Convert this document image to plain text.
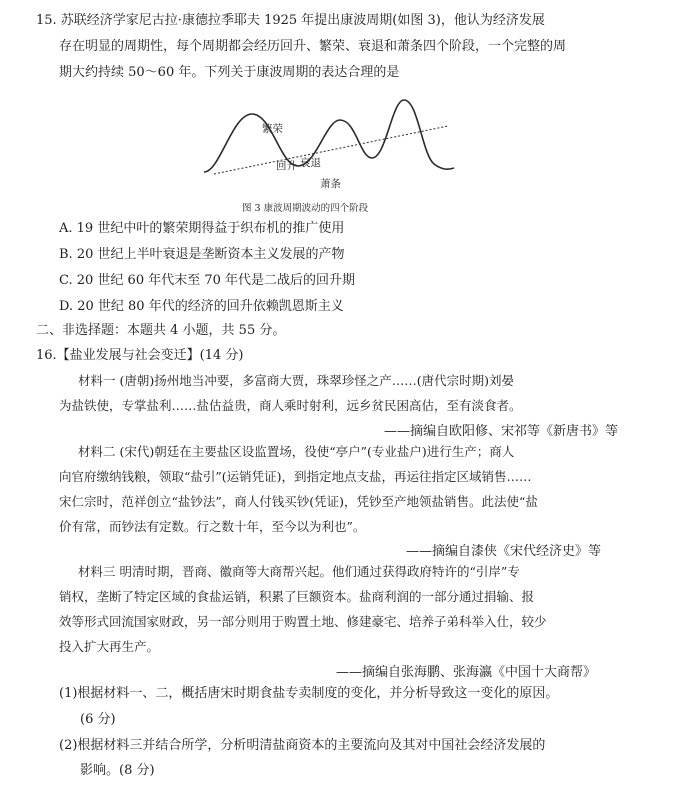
15. 苏联经济学家尼古拉·康德拉季耶夫 1925 年提出康波周期(如图 3)，他认为经济发展
存在明显的周期性，每个周期都会经历回升、繁荣、衰退和萧条四个阶段，一个完整的周
期大约持续 50～60 年。下列关于康波周期的表达合理的是
繁荣
回升 衰退
萧条
图 3 康波周期波动的四个阶段
A. 19 世纪中叶的繁荣期得益于织布机的推广使用
B. 20 世纪上半叶衰退是垄断资本主义发展的产物
C. 20 世纪 60 年代末至 70 年代是二战后的回升期
D. 20 世纪 80 年代的经济的回升依赖凯恩斯主义
二、非选择题：本题共 4 小题，共 55 分。
16.【盐业发展与社会变迁】(14 分)
材料一 (唐朝)扬州地当冲要，多富商大贾，珠翠珍怪之产……(唐代宗时期)刘晏
为盐铁使，专掌盐利……盐估益贵，商人乘时射利，远乡贫民困高估，至有淡食者。
——摘编自欧阳修、宋祁等《新唐书》等
材料二 (宋代)朝廷在主要盐区设监置场，役使“亭户”(专业盐户)进行生产；商人
向官府缴纳钱粮，领取“盐引”(运销凭证)，到指定地点支盐，再运往指定区域销售……
宋仁宗时，范祥创立“盐钞法”，商人付钱买钞(凭证)，凭钞至产地领盐销售。此法使“盐
价有常，而钞法有定数。行之数十年，至今以为利也”。
——摘编自漆侠《宋代经济史》等
材料三 明清时期，晋商、徽商等大商帮兴起。他们通过获得政府特许的“引岸”专
销权，垄断了特定区域的食盐运销，积累了巨额资本。盐商利润的一部分通过捐输、报
效等形式回流国家财政，另一部分则用于购置土地、修建豪宅、培养子弟科举入仕，较少
投入扩大再生产。
——摘编自张海鹏、张海瀛《中国十大商帮》
(1)根据材料一、二，概括唐宋时期食盐专卖制度的变化，并分析导致这一变化的原因。
(6 分)
(2)根据材料三并结合所学，分析明清盐商资本的主要流向及其对中国社会经济发展的
影响。(8 分)
